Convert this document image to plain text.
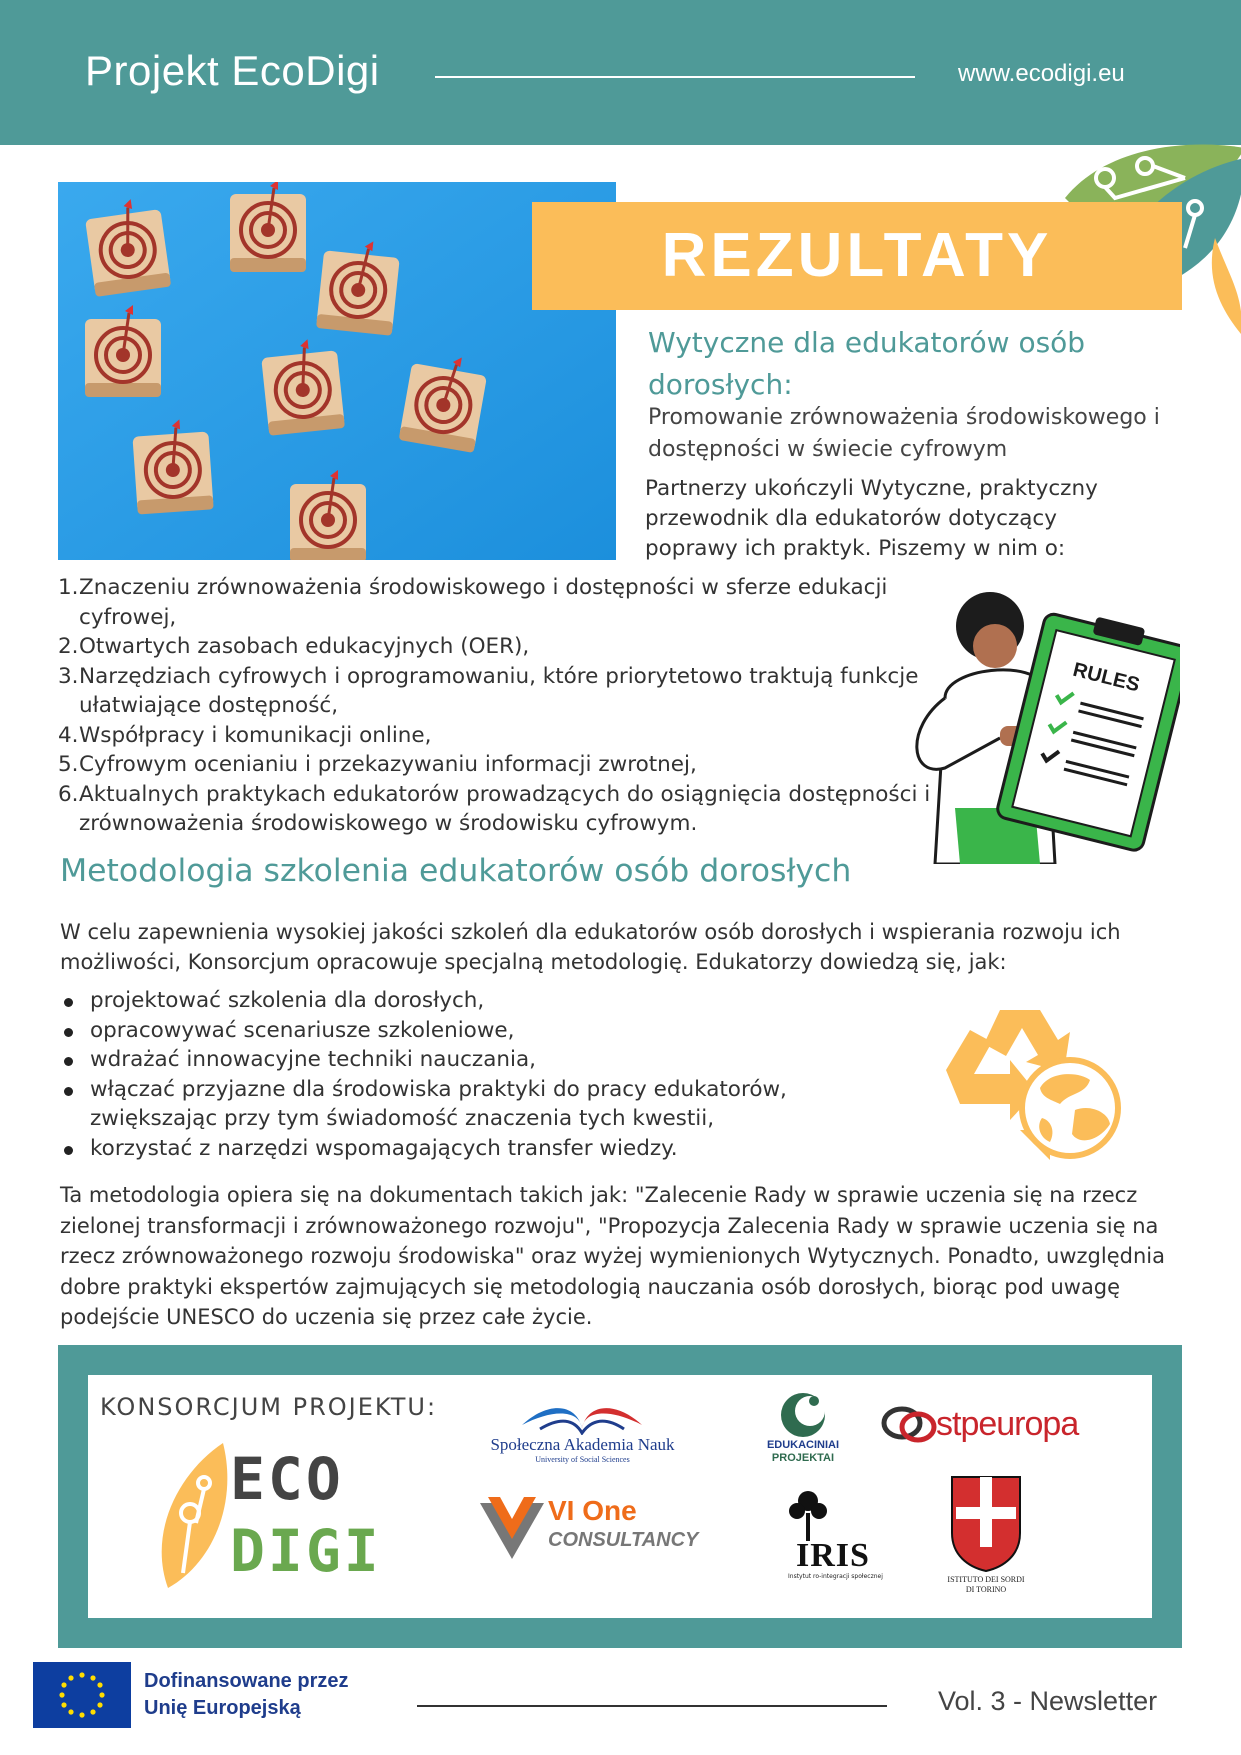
Projekt EcoDigi	www.ecodigi.eu
REZULTATY
Wytyczne dla edukatorów osób dorosłych:
Promowanie zrównoważenia środowiskowego i dostępności w świecie cyfrowym
Partnerzy ukończyli Wytyczne, praktyczny przewodnik dla edukatorów dotyczący poprawy ich praktyk. Piszemy w nim o:
1. Znaczeniu zrównoważenia środowiskowego i dostępności w sferze edukacji cyfrowej,
2. Otwartych zasobach edukacyjnych (OER),
3. Narzędziach cyfrowych i oprogramowaniu, które priorytetowo traktują funkcje ułatwiające dostępność,
4. Współpracy i komunikacji online,
5. Cyfrowym ocenianiu i przekazywaniu informacji zwrotnej,
6. Aktualnych praktykach edukatorów prowadzących do osiągnięcia dostępności i zrównoważenia środowiskowego w środowisku cyfrowym.
RULES
Metodologia szkolenia edukatorów osób dorosłych
W celu zapewnienia wysokiej jakości szkoleń dla edukatorów osób dorosłych i wspierania rozwoju ich możliwości, Konsorcjum opracowuje specjalną metodologię. Edukatorzy dowiedzą się, jak:
projektować szkolenia dla dorosłych,
opracowywać scenariusze szkoleniowe,
wdrażać innowacyjne techniki nauczania,
włączać przyjazne dla środowiska praktyki do pracy edukatorów, zwiększając przy tym świadomość znaczenia tych kwestii,
korzystać z narzędzi wspomagających transfer wiedzy.
Ta metodologia opiera się na dokumentach takich jak: "Zalecenie Rady w sprawie uczenia się na rzecz zielonej transformacji i zrównoważonego rozwoju", "Propozycja Zalecenia Rady w sprawie uczenia się na rzecz zrównoważonego rozwoju środowiska" oraz wyżej wymienionych Wytycznych. Ponadto, uwzględnia dobre praktyki ekspertów zajmujących się metodologią nauczania osób dorosłych, biorąc pod uwagę podejście UNESCO do uczenia się przez całe życie.
KONSORCJUM PROJEKTU:
ECO
DIGI
Społeczna Akademia Nauk
University of Social Sciences
EDUKACINIAI
PROJEKTAI
stpeuropa
VI One
CONSULTANCY	IRIS
Instytut ro-integracji społecznej	ISTITUTO DEI SORDI
DI TORINO
Dofinansowane przez
Unię Europejską	Vol. 3 - Newsletter
